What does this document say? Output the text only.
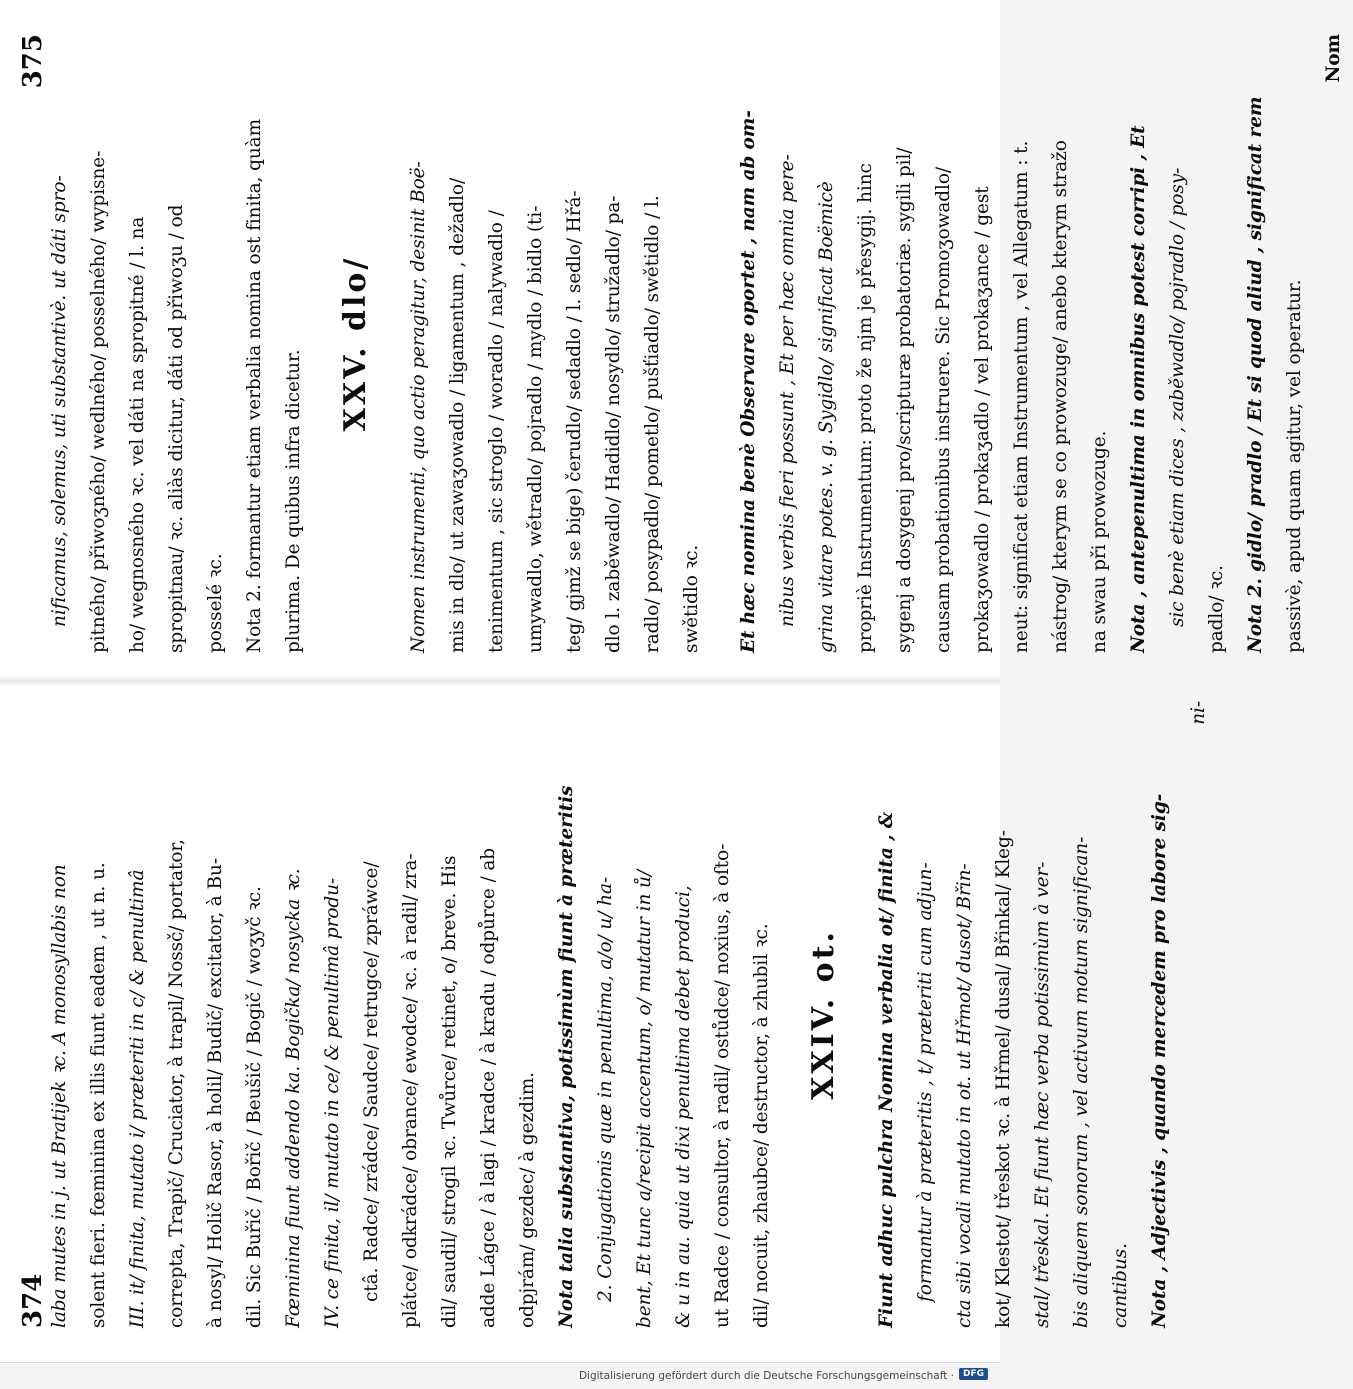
374 laba mutes in j. ut Bratijek ꝛc. A monosyllabis non solent fieri. fœminina ex illis fiunt eadem , ut n. u. III. it/ finita, mutato i/ præteriti in c/ & penultimâ correpta, Trapič/ Cruciator, à trapil/ Nossč/ portator, à nosyl/ Holič Rasor, à holil/ Budič/ excitator, à Bu- dil. Sic Buřič / Bořič / Beušič / Bogič / woʒyč ꝛc. Fœminina fiunt addendo ka. Bogička/ nosycka ꝛc. IV. ce finita, il/ mutato in ce/ & penultimâ produ- ctâ. Radce/ zrádce/ Saudce/ retrugce/ zpráwce/ plátce/ odkrádce/ obrance/ ewodce/ ꝛc. à radil/ zra- dil/ saudil/ strogil ꝛc. Twůrce/ retinet, o/ breve. His adde Lágce / à lagi / kradce / à kradu / odpůrce / ab odpjrám/ gezdec/ à gezdim. Nota talia substantiva, potissimùm fiunt à præteritis 2. Conjugationis quæ in penultima, a/o/ u/ ha- bent, Et tunc a/recipit accentum, o/ mutatur in ů/ & u in au. quia ut dixi penultima debet produci, ut Radce / consultor, à radil/ ostůdce/ noxius, à oſto- dil/ nocuit, zhaubce/ destructor, à zhubil ꝛc.	XXIV. ot.	Fiunt adhuc pulchra Nomina verbalia ot/ finita , & formantur à præteritis , t/ præteriti cum adjun- cta sibi vocali mutato in ot. ut Hřmot/ dusot/ Břin- kot/ Klestot/ třeskot ꝛc. à Hřmel/ dusal/ Břinkal/ Kleg- stal/ třeskal. Et fiunt hæc verba potissimùm à ver- bis aliquem sonorum , vel activum motum significan- cantibus. Nota , Adjectivis , quando mercedem pro labore sig-
ni-
375
nificamus, solemus, uti substantivè. ut dáti spro- pitného/ přiwoʒného/ wedlného/ posselného/ wypisne- ho/ wegnosného ꝛc. vel dáti na spropitné / l. na spropitnau/ ꝛc. aliàs dicitur, dáti od přiwoʒu / od posselé ꝛc. Nota 2. formantur etiam verbalia nomina ost finita, quàm plurima. De quibus infra dicetur.
XXV. dlo/	Nomen instrumenti, quo actio peragitur, desinit Boë- mis in dlo/ ut zawaʒowadlo / ligamentum , dežadlo/ tenimentum , sic stroglo / woradlo / nalywadlo / umywadlo, wětradlo/ pojradlo / mydlo / bidlo (ti- teg/ gjmž se bige) čerudlo/ sedadlo / l. sedlo/ Hřá- dlo l. zaběwadlo/ Hadidlo/ nosydlo/ stružadlo/ pa- radlo/ posypadlo/ pometlo/ pušťiadlo/ swětidlo / l. swětidlo ꝛc.	Et hæc nomina benè Observare oportet , nam ab om- nibus verbis fieri possunt , Et per hæc omnia pere- grina vitare potes. v. g. Sygidlo/ significat Boëmicè propriè Instrumentum: proto že njm je přesygij. hinc sygenj a dosygenj pro/scripturæ probatoriæ. sygili pil/ causam probationibus instruere. Sic Promoʒowadlo/ prokaʒowadlo / prokaʒadlo / vel prokaʒance / gest neut: significat etiam Instrumentum , vel Allegatum : t. nástrog/ kterym se co prowozuge/ anebo kterym stražo na swau při prowozuge. Nota , antepenultima in omnibus potest corripi , Et sic benè etiam dices , zaběwadlo/ pojradlo / posy- padlo/ ꝛc. Nota 2. gidlo/ pradlo / Et si quod aliud , significat rem passivè, apud quam agitur, vel operatur.
Nom
Digitalisierung gefördert durch die Deutsche Forschungsgemeinschaft · DFG
